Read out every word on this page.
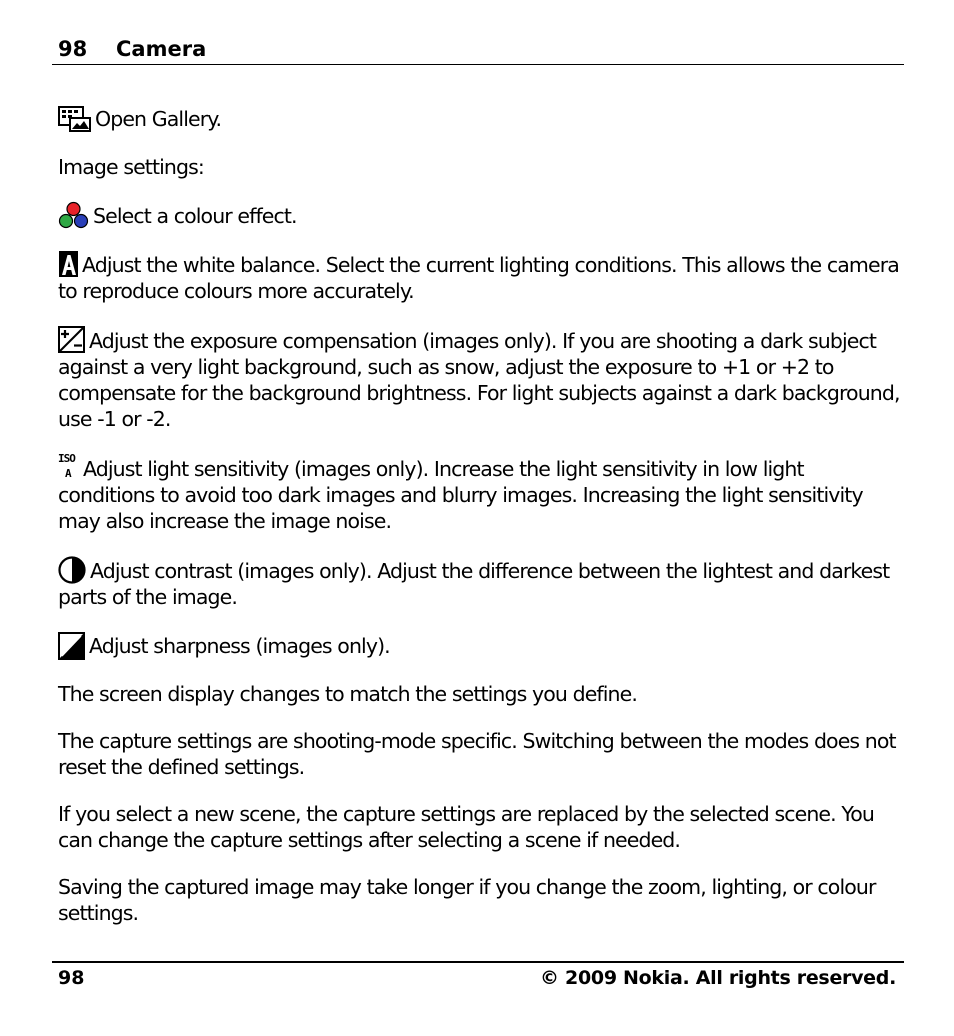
98 Camera

Open Gallery.

Image settings:

Select a colour effect.

Adjust the white balance. Select the current lighting conditions. This allows the camera to reproduce colours more accurately.

Adjust the exposure compensation (images only). If you are shooting a dark subject against a very light background, such as snow, adjust the exposure to +1 or +2 to compensate for the background brightness. For light subjects against a dark background, use -1 or -2.

ISO
A Adjust light sensitivity (images only). Increase the light sensitivity in low light conditions to avoid too dark images and blurry images. Increasing the light sensitivity may also increase the image noise.

Adjust contrast (images only). Adjust the difference between the lightest and darkest parts of the image.

Adjust sharpness (images only).

The screen display changes to match the settings you define.

The capture settings are shooting-mode specific. Switching between the modes does not reset the defined settings.

If you select a new scene, the capture settings are replaced by the selected scene. You can change the capture settings after selecting a scene if needed.

Saving the captured image may take longer if you change the zoom, lighting, or colour settings.

98	© 2009 Nokia. All rights reserved.
